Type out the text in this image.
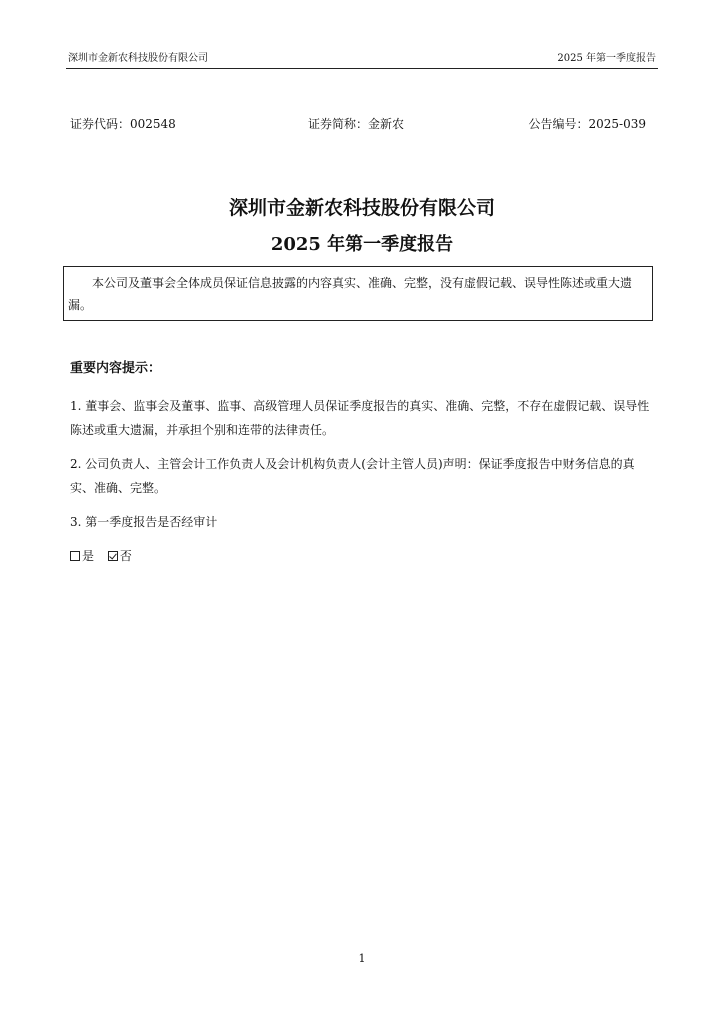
深圳市金新农科技股份有限公司	2025 年第一季度报告
证券代码：002548	证券简称：金新农	公告编号：2025-039
深圳市金新农科技股份有限公司
2025 年第一季度报告

本公司及董事会全体成员保证信息披露的内容真实、准确、完整，没有虚假记载、误导性陈述或重大遗漏。

重要内容提示：

1. 董事会、监事会及董事、监事、高级管理人员保证季度报告的真实、准确、完整，不存在虚假记载、误导性陈述或重大遗漏，并承担个别和连带的法律责任。

2. 公司负责人、主管会计工作负责人及会计机构负责人(会计主管人员)声明：保证季度报告中财务信息的真实、准确、完整。

3. 第一季度报告是否经审计

是 否
1
